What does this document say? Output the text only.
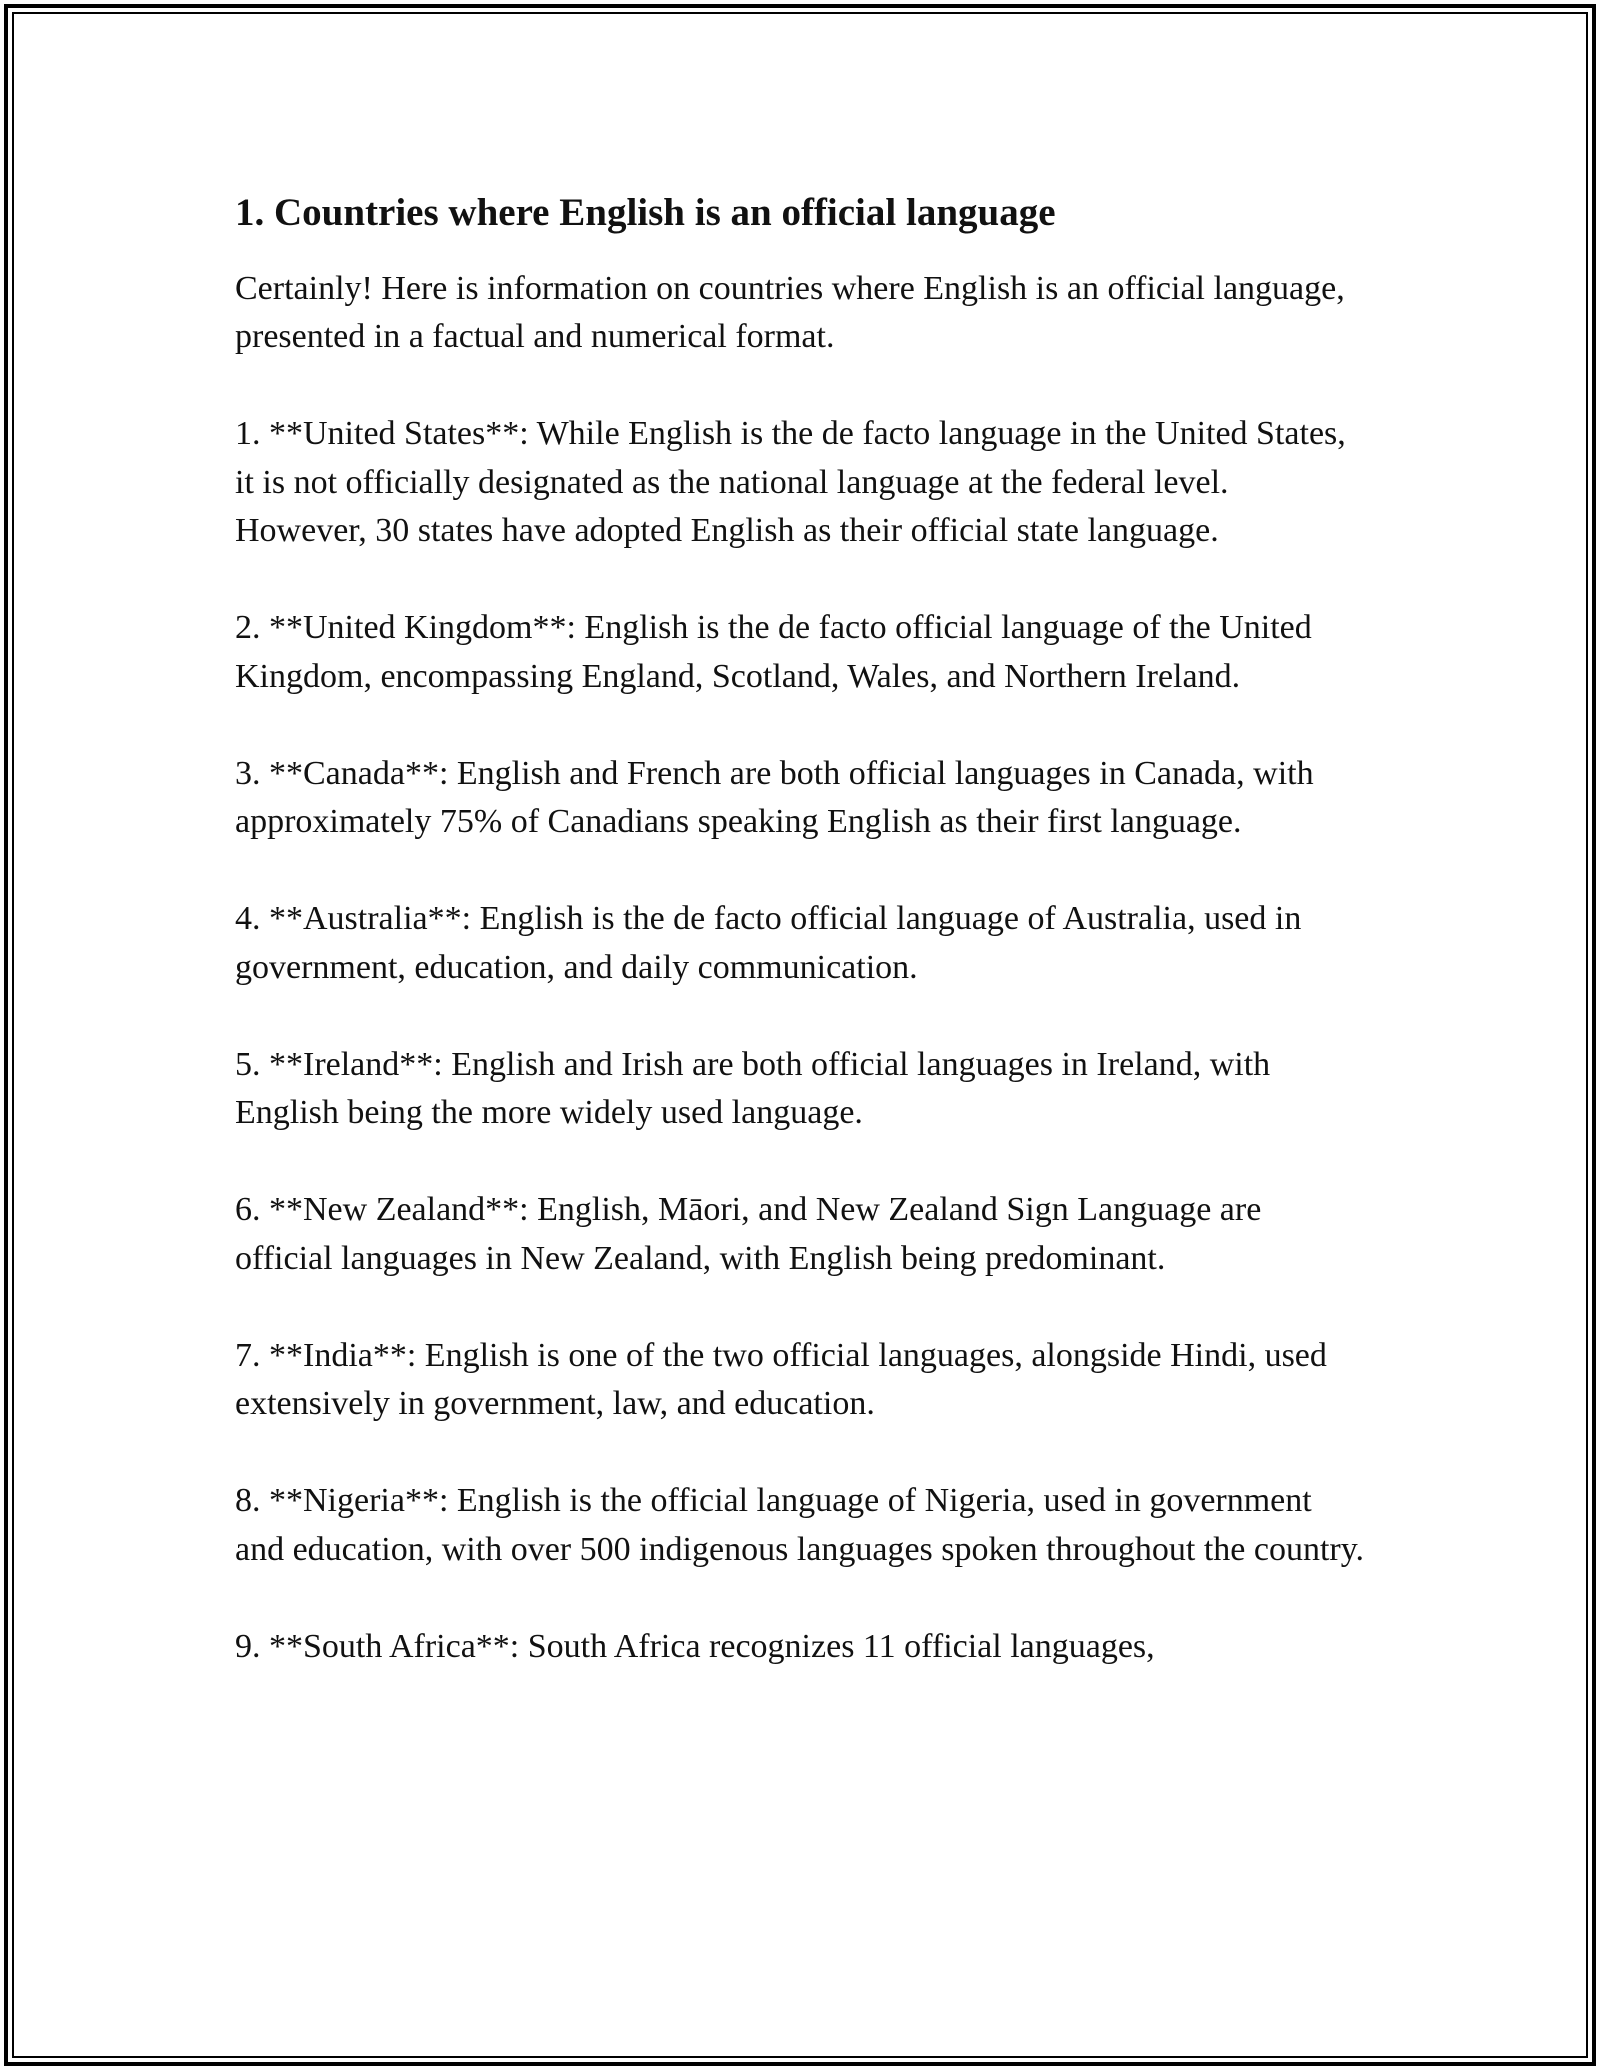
1. Countries where English is an official language

Certainly! Here is information on countries where English is an official language, presented in a factual and numerical format.

1. **United States**: While English is the de facto language in the United States, it is not officially designated as the national language at the federal level. However, 30 states have adopted English as their official state language.

2. **United Kingdom**: English is the de facto official language of the United Kingdom, encompassing England, Scotland, Wales, and Northern Ireland.

3. **Canada**: English and French are both official languages in Canada, with approximately 75% of Canadians speaking English as their first language.

4. **Australia**: English is the de facto official language of Australia, used in government, education, and daily communication.

5. **Ireland**: English and Irish are both official languages in Ireland, with English being the more widely used language.

6. **New Zealand**: English, Māori, and New Zealand Sign Language are official languages in New Zealand, with English being predominant.

7. **India**: English is one of the two official languages, alongside Hindi, used extensively in government, law, and education.

8. **Nigeria**: English is the official language of Nigeria, used in government and education, with over 500 indigenous languages spoken throughout the country.

9. **South Africa**: South Africa recognizes 11 official languages,
